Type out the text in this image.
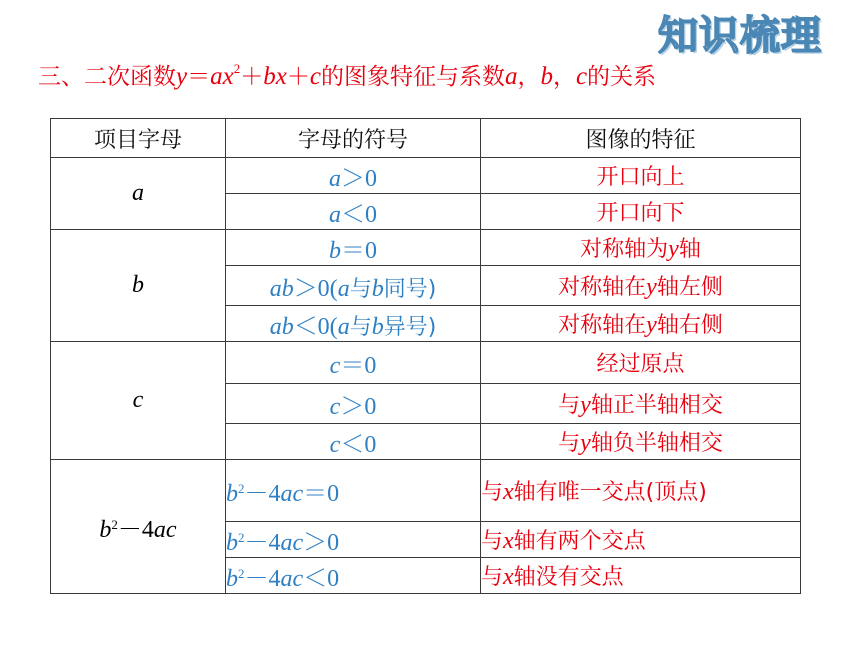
知识梳理
三、二次函数$y=ax^2+bx+c$的图象特征与系数a，b，c的关系
项目字母	字母的符号	图像的特征
a	a＞0	开口向上
	a＜0	开口向下
b	b＝0	对称轴为y轴
	ab＞0(a与b同号)	对称轴在y轴左侧
	ab＜0(a与b异号)	对称轴在y轴右侧
c	c＝0	经过原点
	c＞0	与y轴正半轴相交
	c＜0	与y轴负半轴相交
$b^2-4ac$	$b^2-4ac=0$	与x轴有唯一交点(顶点)
	$b^2-4ac>0$	与x轴有两个交点
	$b^2-4ac<0$	与x轴没有交点
